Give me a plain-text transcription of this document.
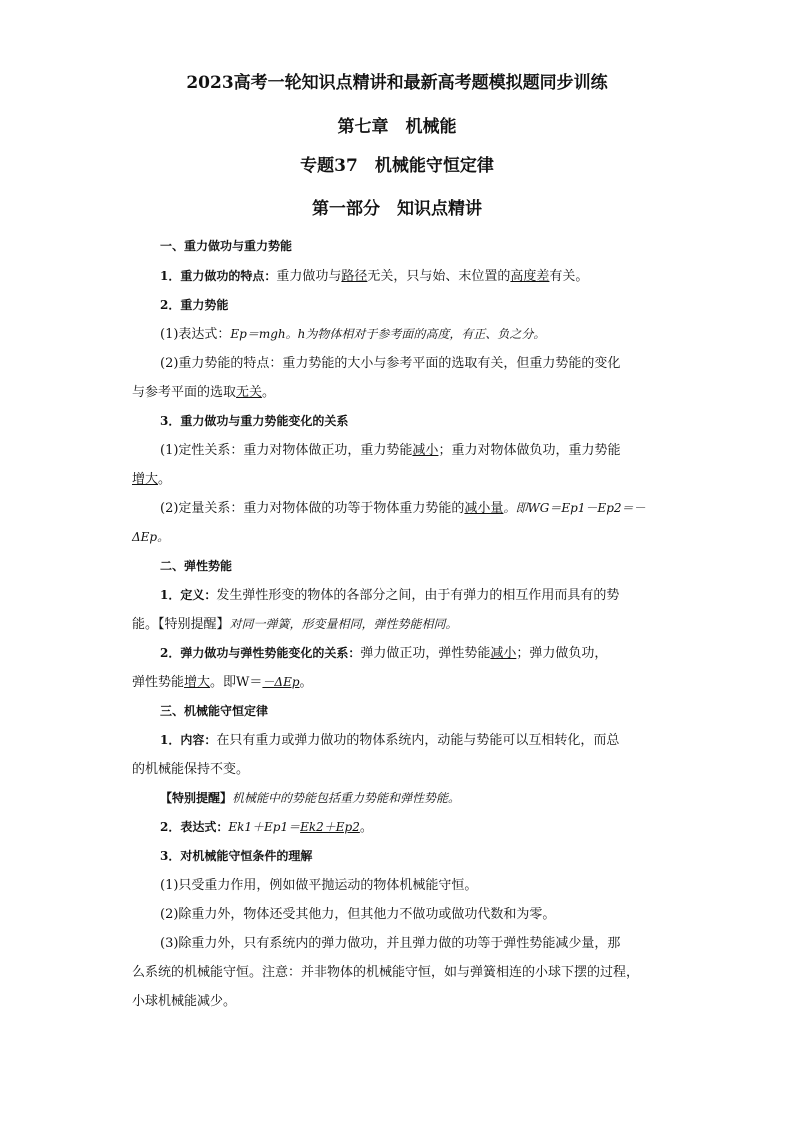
2023高考一轮知识点精讲和最新高考题模拟题同步训练

第七章　机械能

专题37　机械能守恒定律

第一部分　知识点精讲

一、重力做功与重力势能
1．重力做功的特点：重力做功与路径无关，只与始、末位置的高度差有关。
2．重力势能
(1)表达式：Ep＝mgh。h为物体相对于参考面的高度，有正、负之分。
(2)重力势能的特点：重力势能的大小与参考平面的选取有关，但重力势能的变化
与参考平面的选取无关。
3．重力做功与重力势能变化的关系
(1)定性关系：重力对物体做正功，重力势能减小；重力对物体做负功，重力势能
增大。
(2)定量关系：重力对物体做的功等于物体重力势能的减小量。即WG＝Ep1－Ep2＝－
ΔEp。
二、弹性势能
1．定义：发生弹性形变的物体的各部分之间，由于有弹力的相互作用而具有的势
能。【特别提醒】对同一弹簧，形变量相同，弹性势能相同。
2．弹力做功与弹性势能变化的关系：弹力做正功，弹性势能减小；弹力做负功，
弹性势能增大。即W＝－ΔEp。
三、机械能守恒定律
1．内容：在只有重力或弹力做功的物体系统内，动能与势能可以互相转化，而总
的机械能保持不变。
【特别提醒】机械能中的势能包括重力势能和弹性势能。
2．表达式：Ek1＋Ep1＝Ek2＋Ep2。
3．对机械能守恒条件的理解
(1)只受重力作用，例如做平抛运动的物体机械能守恒。
(2)除重力外，物体还受其他力，但其他力不做功或做功代数和为零。
(3)除重力外，只有系统内的弹力做功，并且弹力做的功等于弹性势能减少量，那
么系统的机械能守恒。注意：并非物体的机械能守恒，如与弹簧相连的小球下摆的过程，
小球机械能减少。
